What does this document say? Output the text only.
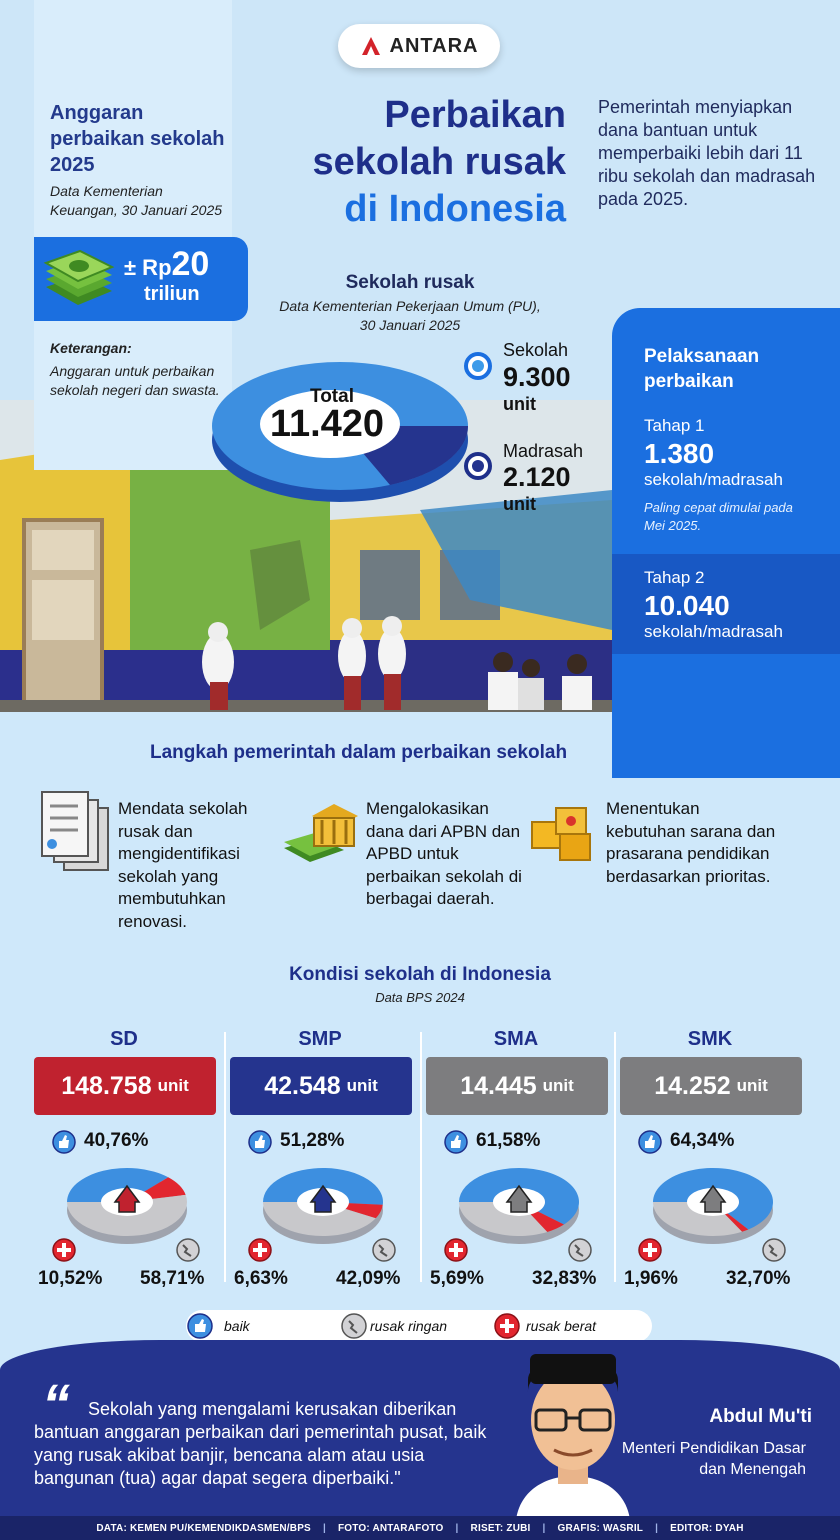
ANTARA
Anggaran perbaikan sekolah 2025
Data Kementerian Keuangan, 30 Januari 2025
± Rp20
triliun
Keterangan:
Anggaran untuk perbaikan sekolah negeri dan swasta.
Perbaikan
sekolah rusak
di Indonesia
Pemerintah menyiapkan dana bantuan untuk memperbaiki lebih dari 11 ribu sekolah dan madrasah pada 2025.
Sekolah rusak
Data Kementerian Pekerjaan Umum (PU), 30 Januari 2025
Total
11.420
Sekolah
9.300
unit
Madrasah
2.120
unit
Pelaksanaan perbaikan
Tahap 1
1.380
sekolah/madrasah
Paling cepat dimulai pada Mei 2025.
Tahap 2
10.040
sekolah/madrasah
Langkah pemerintah dalam perbaikan sekolah
Mendata sekolah rusak dan mengidentifikasi sekolah yang membutuhkan renovasi.
Mengalokasikan dana dari APBN dan APBD untuk perbaikan sekolah di berbagai daerah.
Menentukan kebutuhan sarana dan prasarana pendidikan berdasarkan prioritas.
Kondisi sekolah di Indonesia
Data BPS 2024
SD
148.758 unit
40,76%
10,52% 58,71%
SMP
42.548 unit
51,28%
6,63%	42,09%
SMA
14.445 unit
61,58%
5,69%	32,83%
SMK
14.252 unit
64,34%
1,96%	32,70%
baik	rusak ringan	rusak berat
“	Sekolah yang mengalami kerusakan diberikan bantuan anggaran perbaikan dari pemerintah pusat, baik yang rusak akibat banjir, bencana alam atau usia bangunan (tua) agar dapat segera diperbaiki."
Abdul Mu'ti
Menteri Pendidikan Dasar dan Menengah
DATA: KEMEN PU/KEMENDIKDASMEN/BPS | FOTO: ANTARAFOTO | RISET: ZUBI | GRAFIS: WASRIL | EDITOR: DYAH
